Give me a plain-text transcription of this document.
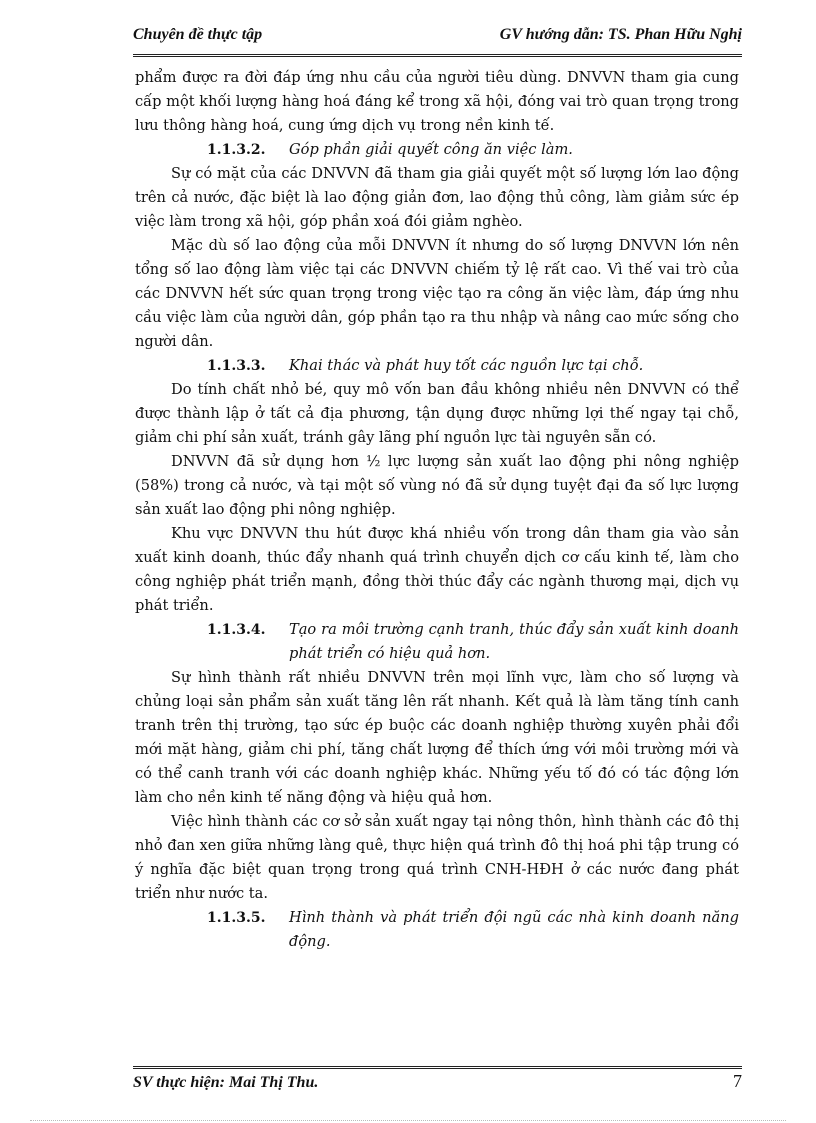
Chuyên đề thực tập	GV hướng dẫn: TS. Phan Hữu Nghị

phẩm được ra đời đáp ứng nhu cầu của người tiêu dùng. DNVVN tham gia cung cấp một khối lượng hàng hoá đáng kể trong xã hội, đóng vai trò quan trọng trong lưu thông hàng hoá, cung ứng dịch vụ trong nền kinh tế.

1.1.3.2.	Góp phần giải quyết công ăn việc làm.

Sự có mặt của các DNVVN đã tham gia giải quyết một số lượng lớn lao động trên cả nước, đặc biệt là lao động giản đơn, lao động thủ công, làm giảm sức ép việc làm trong xã hội, góp phần xoá đói giảm nghèo.

Mặc dù số lao động của mỗi DNVVN ít nhưng do số lượng DNVVN lớn nên tổng số lao động làm việc tại các DNVVN chiếm tỷ lệ rất cao. Vì thế vai trò của các DNVVN hết sức quan trọng trong việc tạo ra công ăn việc làm, đáp ứng nhu cầu việc làm của người dân, góp phần tạo ra thu nhập và nâng cao mức sống cho người dân.

1.1.3.3.	Khai thác và phát huy tốt các nguồn lực tại chỗ.

Do tính chất nhỏ bé, quy mô vốn ban đầu không nhiều nên DNVVN có thể được thành lập ở tất cả địa phương, tận dụng được những lợi thế ngay tại chỗ, giảm chi phí sản xuất, tránh gây lãng phí nguồn lực tài nguyên sẵn có.

DNVVN đã sử dụng hơn ½ lực lượng sản xuất lao động phi nông nghiệp (58%) trong cả nước, và tại một số vùng nó đã sử dụng tuyệt đại đa số lực lượng sản xuất lao động phi nông nghiệp.

Khu vực DNVVN thu hút được khá nhiều vốn trong dân tham gia vào sản xuất kinh doanh, thúc đẩy nhanh quá trình chuyển dịch cơ cấu kinh tế, làm cho công nghiệp phát triển mạnh, đồng thời thúc đẩy các ngành thương mại, dịch vụ phát triển.

1.1.3.4.	Tạo ra môi trường cạnh tranh, thúc đẩy sản xuất kinh doanh phát triển có hiệu quả hơn.

Sự hình thành rất nhiều DNVVN trên mọi lĩnh vực, làm cho số lượng và chủng loại sản phẩm sản xuất tăng lên rất nhanh. Kết quả là làm tăng tính canh tranh trên thị trường, tạo sức ép buộc các doanh nghiệp thường xuyên phải đổi mới mặt hàng, giảm chi phí, tăng chất lượng để thích ứng với môi trường mới và có thể canh tranh với các doanh nghiệp khác. Những yếu tố đó có tác động lớn làm cho nền kinh tế năng động và hiệu quả hơn.

Việc hình thành các cơ sở sản xuất ngay tại nông thôn, hình thành các đô thị nhỏ đan xen giữa những làng quê, thực hiện quá trình đô thị hoá phi tập trung có ý nghĩa đặc biệt quan trọng trong quá trình CNH-HĐH ở các nước đang phát triển như nước ta.

1.1.3.5.	Hình thành và phát triển đội ngũ các nhà kinh doanh năng động.
SV thực hiện: Mai Thị Thu.	7
